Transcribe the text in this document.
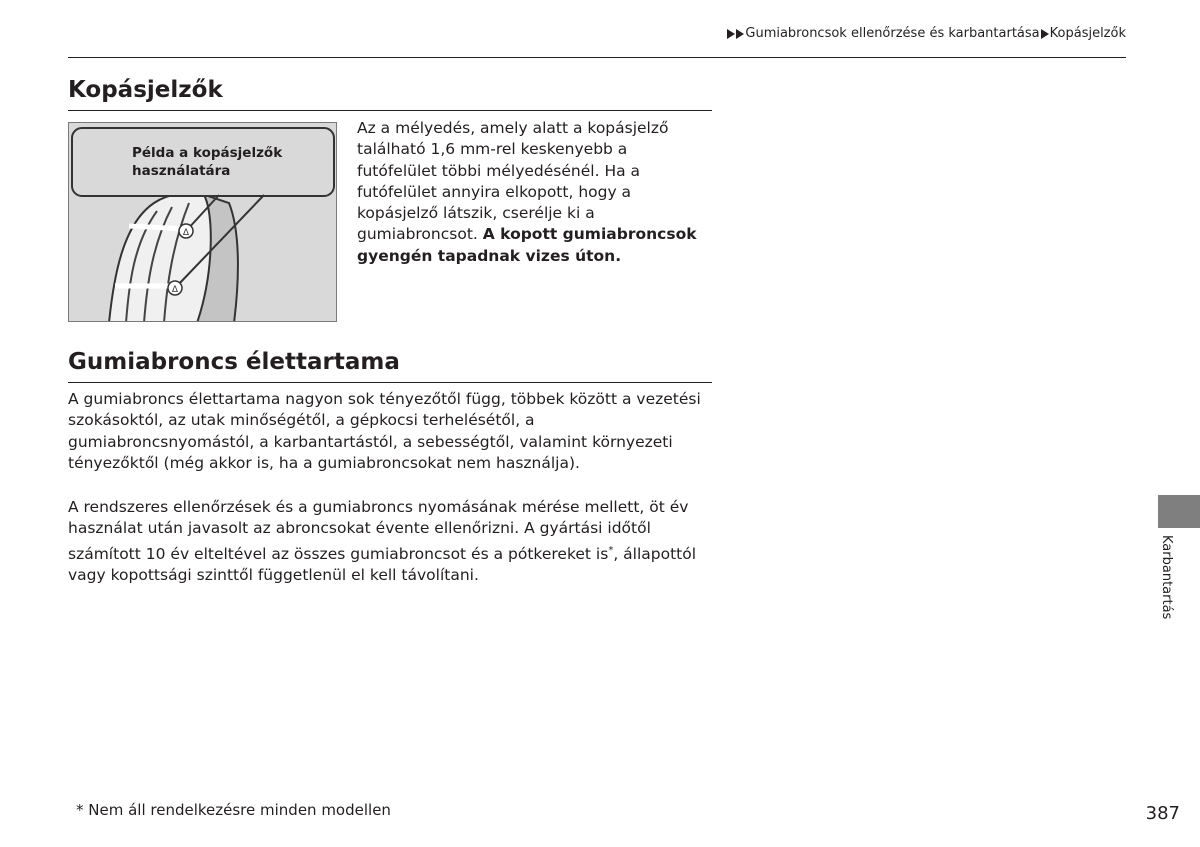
Gumiabroncsok ellenőrzése és karbantartása Kopásjelzők
Kopásjelzők
Δ
Δ
Példa a kopásjelzők
használatára

Az a mélyedés, amely alatt a kopásjelző található 1,6 mm-rel keskenyebb a futófelület többi mélyedésénél. Ha a futófelület annyira elkopott, hogy a kopásjelző látszik, cserélje ki a gumiabroncsot. A kopott gumiabroncsok gyengén tapadnak vizes úton.

Gumiabroncs élettartama

A gumiabroncs élettartama nagyon sok tényezőtől függ, többek között a vezetési szokásoktól, az utak minőségétől, a gépkocsi terhelésétől, a gumiabroncsnyomástól, a karbantartástól, a sebességtől, valamint környezeti tényezőktől (még akkor is, ha a gumiabroncsokat nem használja).

A rendszeres ellenőrzések és a gumiabroncs nyomásának mérése mellett, öt év használat után javasolt az abroncsokat évente ellenőrizni. A gyártási időtől számított 10 év elteltével az összes gumiabroncsot és a pótkereket is*, állapottól vagy kopottsági szinttől függetlenül el kell távolítani.	Karbantartás

* Nem áll rendelkezésre minden modellen	387
